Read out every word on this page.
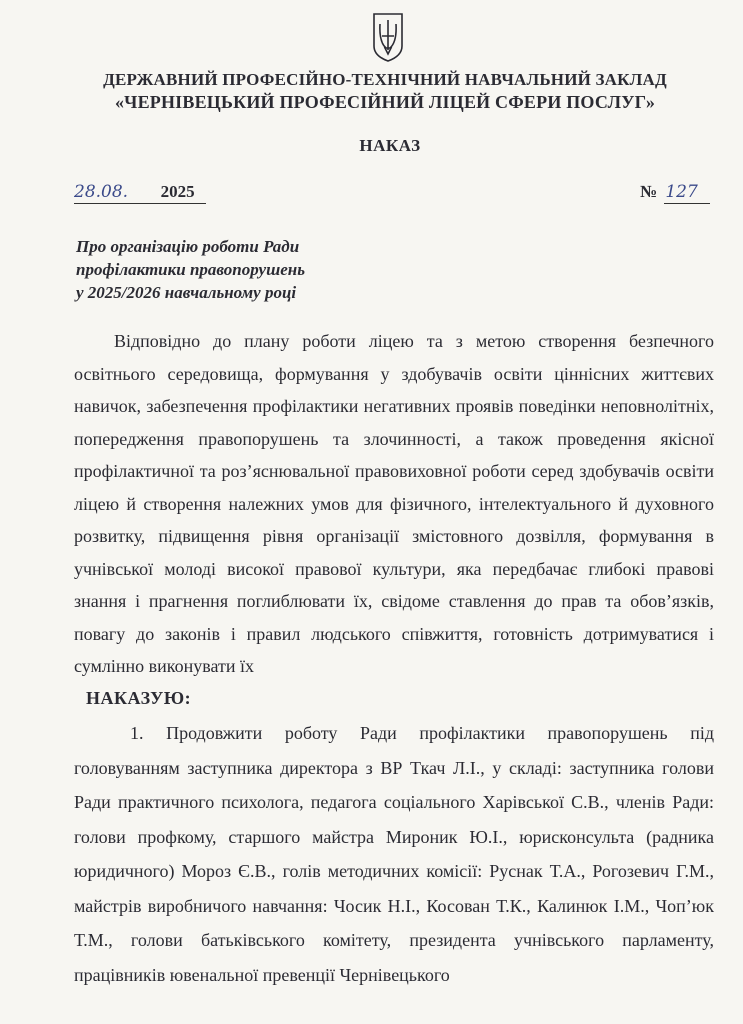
ДЕРЖАВНИЙ ПРОФЕСІЙНО-ТЕХНІЧНИЙ НАВЧАЛЬНИЙ ЗАКЛАД
«ЧЕРНІВЕЦЬКИЙ ПРОФЕСІЙНИЙ ЛІЦЕЙ СФЕРИ ПОСЛУГ»
НАКАЗ
28.08. 2025	№ 127
Про організацію роботи Ради
профілактики правопорушень
у 2025/2026 навчальному році
Відповідно до плану роботи ліцею та з метою створення безпечного освітнього середовища, формування у здобувачів освіти ціннісних життєвих навичок, забезпечення профілактики негативних проявів поведінки неповнолітніх, попередження правопорушень та злочинності, а також проведення якісної профілактичної та роз’яснювальної правовиховної роботи серед здобувачів освіти ліцею й створення належних умов для фізичного, інтелектуального й духовного розвитку, підвищення рівня організації змістовного дозвілля, формування в учнівської молоді високої правової культури, яка передбачає глибокі правові знання і прагнення поглиблювати їх, свідоме ставлення до прав та обов’язків, повагу до законів і правил людського співжиття, готовність дотримуватися і сумлінно виконувати їх
НАКАЗУЮ:
1. Продовжити роботу Ради профілактики правопорушень під головуванням заступника директора з ВР Ткач Л.І., у складі: заступника голови Ради практичного психолога, педагога соціального Харівської С.В., членів Ради: голови профкому, старшого майстра Мироник Ю.І., юрисконсульта (радника юридичного) Мороз Є.В., голів методичних комісії: Руснак Т.А., Рогозевич Г.М., майстрів виробничого навчання: Чосик Н.І., Косован Т.К., Калинюк І.М., Чоп’юк Т.М., голови батьківського комітету, президента учнівського парламенту, працівників ювенальної превенції Чернівецького
